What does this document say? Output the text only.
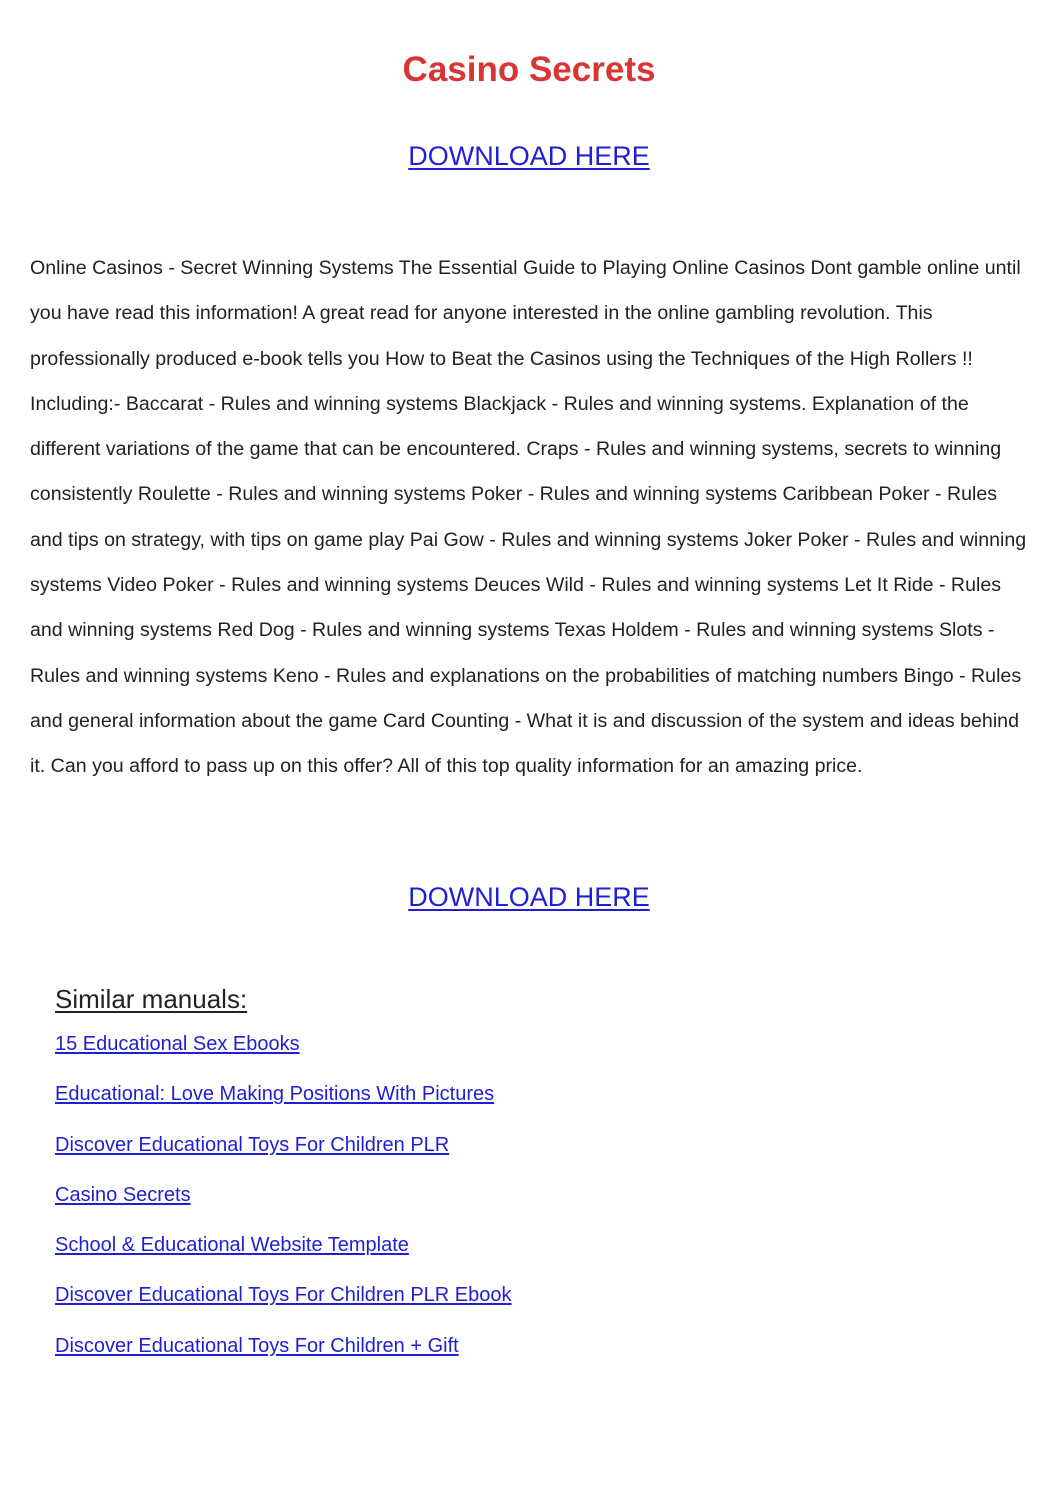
Casino Secrets
DOWNLOAD HERE

Online Casinos - Secret Winning Systems The Essential Guide to Playing Online Casinos Dont gamble online until you have read this information! A great read for anyone interested in the online gambling revolution. This professionally produced e-book tells you How to Beat the Casinos using the Techniques of the High Rollers !! Including:- Baccarat - Rules and winning systems Blackjack - Rules and winning systems. Explanation of the different variations of the game that can be encountered. Craps - Rules and winning systems, secrets to winning consistently Roulette - Rules and winning systems Poker - Rules and winning systems Caribbean Poker - Rules and tips on strategy, with tips on game play Pai Gow - Rules and winning systems Joker Poker - Rules and winning systems Video Poker - Rules and winning systems Deuces Wild - Rules and winning systems Let It Ride - Rules and winning systems Red Dog - Rules and winning systems Texas Holdem - Rules and winning systems Slots - Rules and winning systems Keno - Rules and explanations on the probabilities of matching numbers Bingo - Rules and general information about the game Card Counting - What it is and discussion of the system and ideas behind it. Can you afford to pass up on this offer? All of this top quality information for an amazing price.

DOWNLOAD HERE
Similar manuals:
15 Educational Sex Ebooks
Educational: Love Making Positions With Pictures
Discover Educational Toys For Children PLR
Casino Secrets
School & Educational Website Template
Discover Educational Toys For Children PLR Ebook
Discover Educational Toys For Children + Gift
